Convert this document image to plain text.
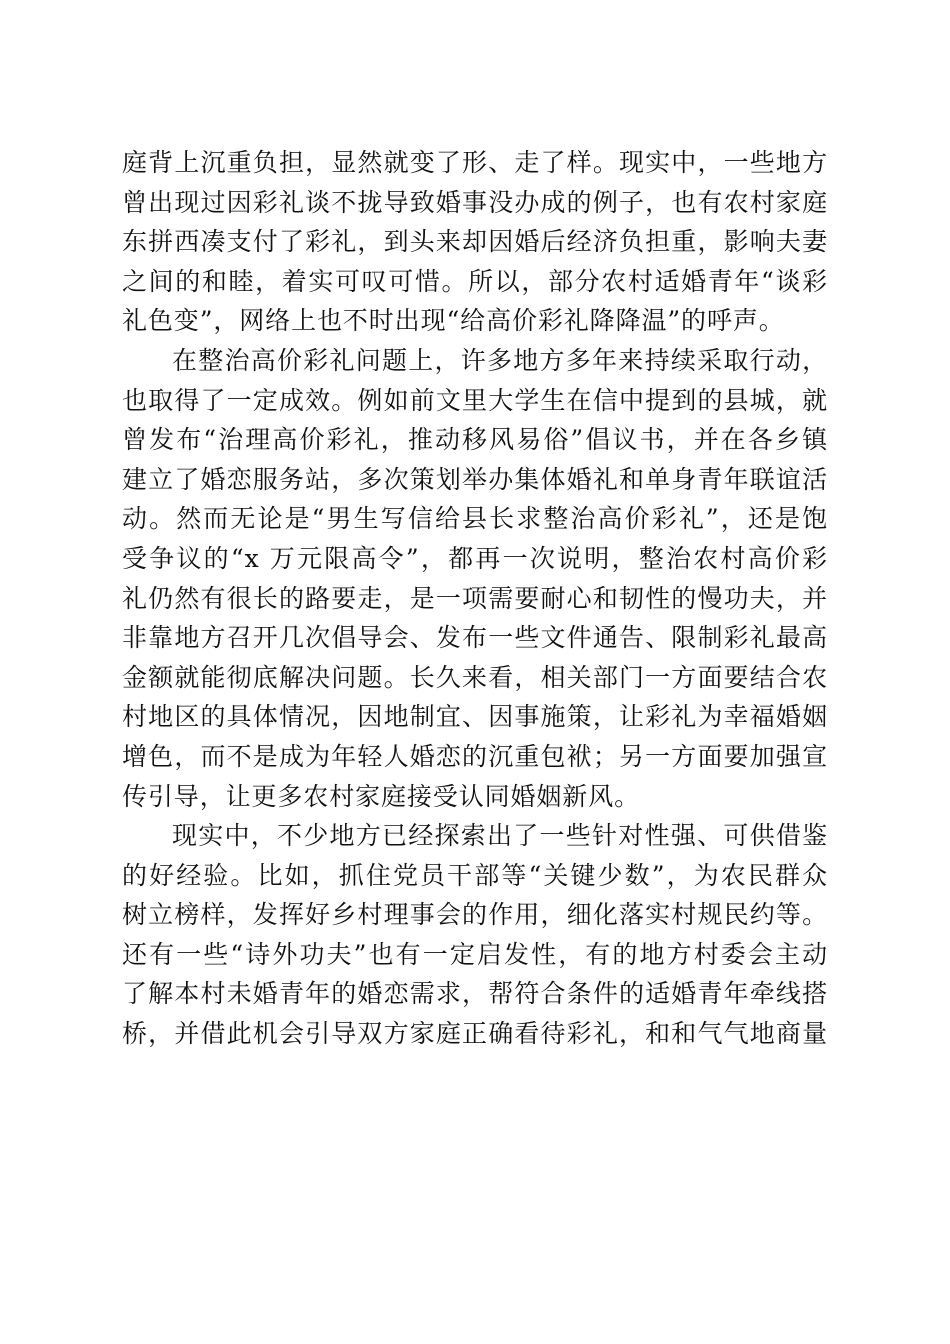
庭背上沉重负担，显然就变了形、走了样。现实中，一些地方
曾出现过因彩礼谈不拢导致婚事没办成的例子，也有农村家庭
东拼西凑支付了彩礼，到头来却因婚后经济负担重，影响夫妻
之间的和睦，着实可叹可惜。所以，部分农村适婚青年“谈彩
礼色变”，网络上也不时出现“给高价彩礼降降温”的呼声。
在整治高价彩礼问题上，许多地方多年来持续采取行动，
也取得了一定成效。例如前文里大学生在信中提到的县城，就
曾发布“治理高价彩礼，推动移风易俗”倡议书，并在各乡镇
建立了婚恋服务站，多次策划举办集体婚礼和单身青年联谊活
动。然而无论是“男生写信给县长求整治高价彩礼”，还是饱
受争议的“x 万元限高令”，都再一次说明，整治农村高价彩
礼仍然有很长的路要走，是一项需要耐心和韧性的慢功夫，并
非靠地方召开几次倡导会、发布一些文件通告、限制彩礼最高
金额就能彻底解决问题。长久来看，相关部门一方面要结合农
村地区的具体情况，因地制宜、因事施策，让彩礼为幸福婚姻
增色，而不是成为年轻人婚恋的沉重包袱；另一方面要加强宣
传引导，让更多农村家庭接受认同婚姻新风。
现实中，不少地方已经探索出了一些针对性强、可供借鉴
的好经验。比如，抓住党员干部等“关键少数”，为农民群众
树立榜样，发挥好乡村理事会的作用，细化落实村规民约等。
还有一些“诗外功夫”也有一定启发性，有的地方村委会主动
了解本村未婚青年的婚恋需求，帮符合条件的适婚青年牵线搭
桥，并借此机会引导双方家庭正确看待彩礼，和和气气地商量
